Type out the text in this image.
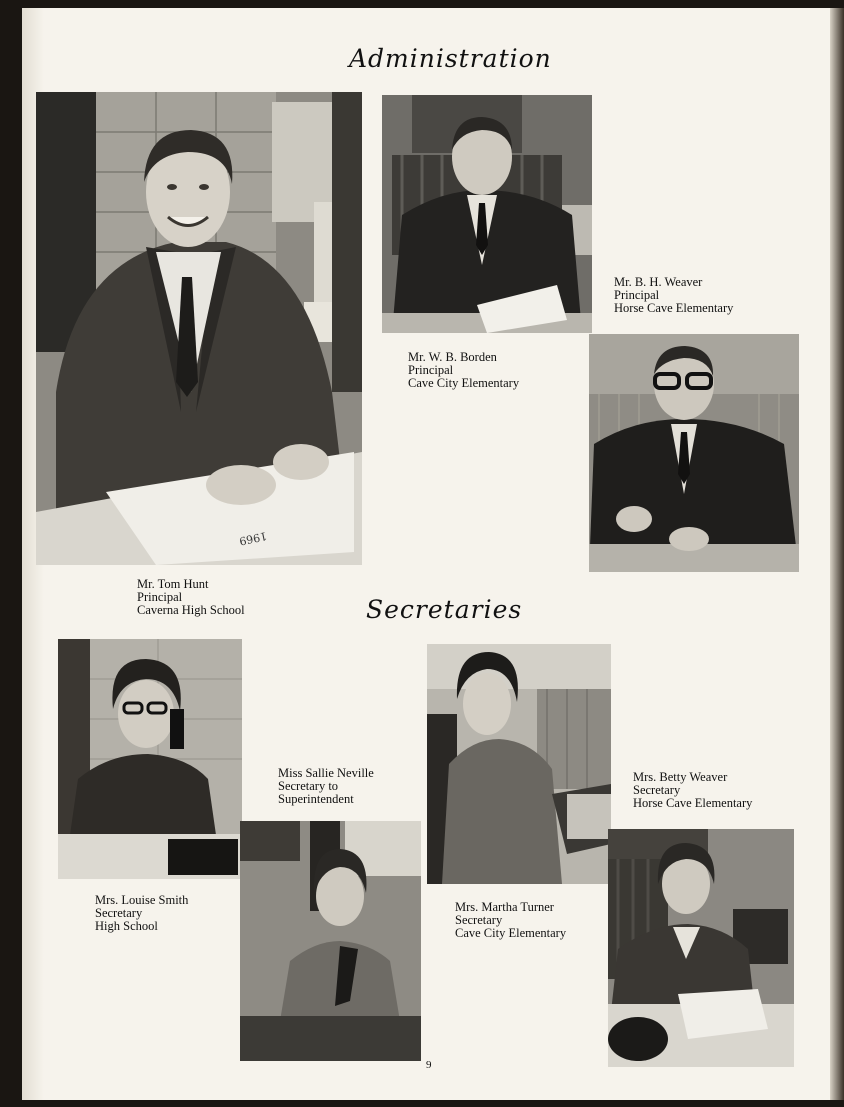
Administration
Secretaries
1969
Mr. Tom Hunt
Principal
Caverna High School
Mr. W. B. Borden
Principal
Cave City Elementary
Mr. B. H. Weaver
Principal
Horse Cave Elementary
Miss Sallie Neville
Secretary to
Superintendent
Mrs. Louise Smith
Secretary
High School
Mrs. Martha Turner
Secretary
Cave City Elementary
Mrs. Betty Weaver
Secretary
Horse Cave Elementary
9
